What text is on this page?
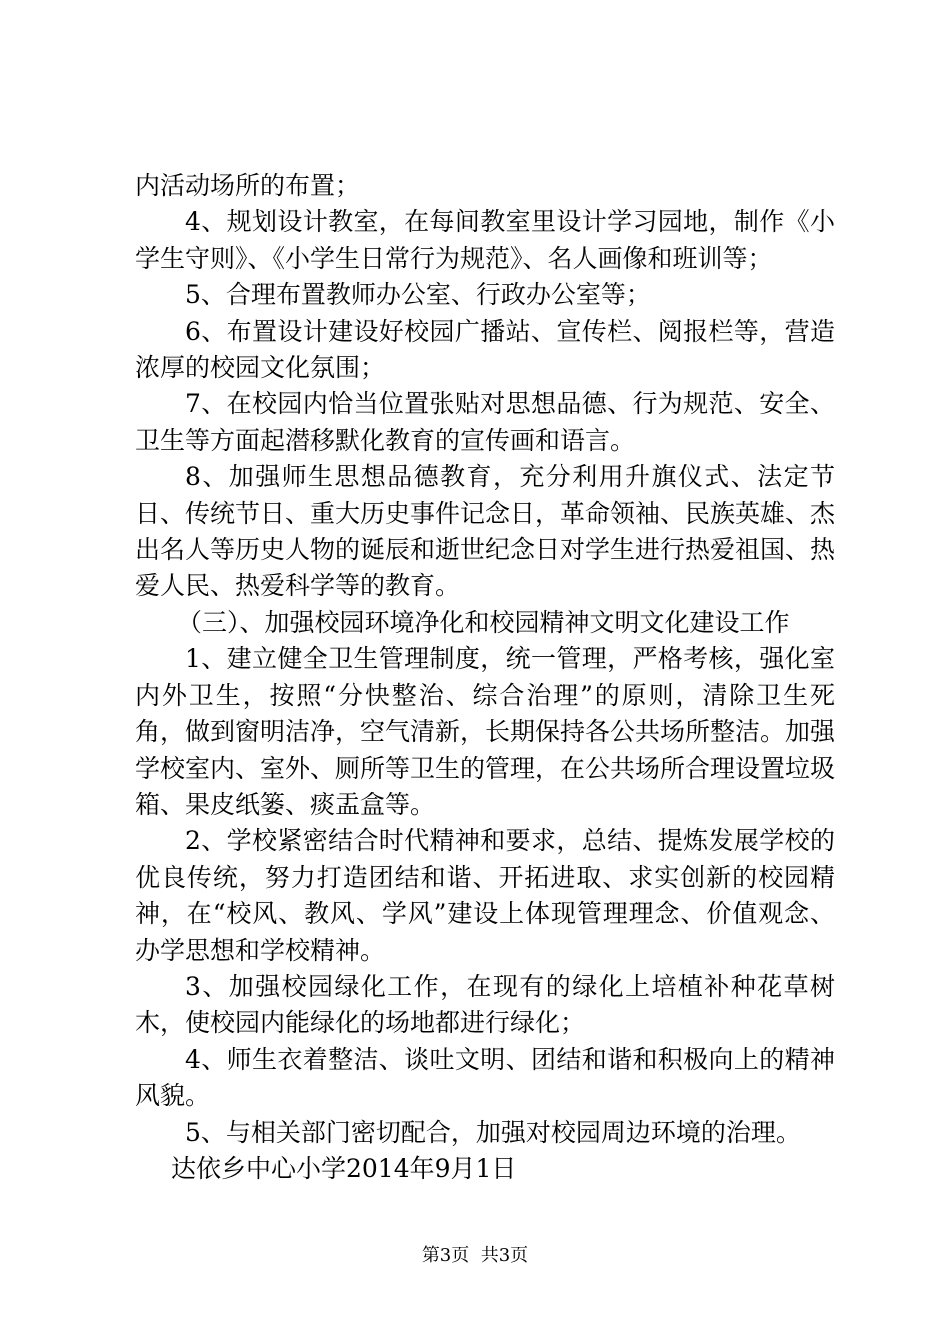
内活动场所的布置；

4、规划设计教室，在每间教室里设计学习园地，制作《小学生守则》、《小学生日常行为规范》、名人画像和班训等；

5、合理布置教师办公室、行政办公室等；

6、布置设计建设好校园广播站、宣传栏、阅报栏等，营造浓厚的校园文化氛围；

7、在校园内恰当位置张贴对思想品德、行为规范、安全、卫生等方面起潜移默化教育的宣传画和语言。

8、加强师生思想品德教育，充分利用升旗仪式、法定节日、传统节日、重大历史事件记念日，革命领袖、民族英雄、杰出名人等历史人物的诞辰和逝世纪念日对学生进行热爱祖国、热爱人民、热爱科学等的教育。

（三）、加强校园环境净化和校园精神文明文化建设工作

1、建立健全卫生管理制度，统一管理，严格考核，强化室内外卫生，按照“分快整治、综合治理”的原则，清除卫生死角，做到窗明洁净，空气清新，长期保持各公共场所整洁。加强学校室内、室外、厕所等卫生的管理，在公共场所合理设置垃圾箱、果皮纸篓、痰盂盒等。

2、学校紧密结合时代精神和要求，总结、提炼发展学校的优良传统，努力打造团结和谐、开拓进取、求实创新的校园精神，在“校风、教风、学风”建设上体现管理理念、价值观念、办学思想和学校精神。

3、加强校园绿化工作，在现有的绿化上培植补种花草树木，使校园内能绿化的场地都进行绿化；

4、师生衣着整洁、谈吐文明、团结和谐和积极向上的精神风貌。

5、与相关部门密切配合，加强对校园周边环境的治理。

达依乡中心小学2014年9月1日

第3页  共3页
